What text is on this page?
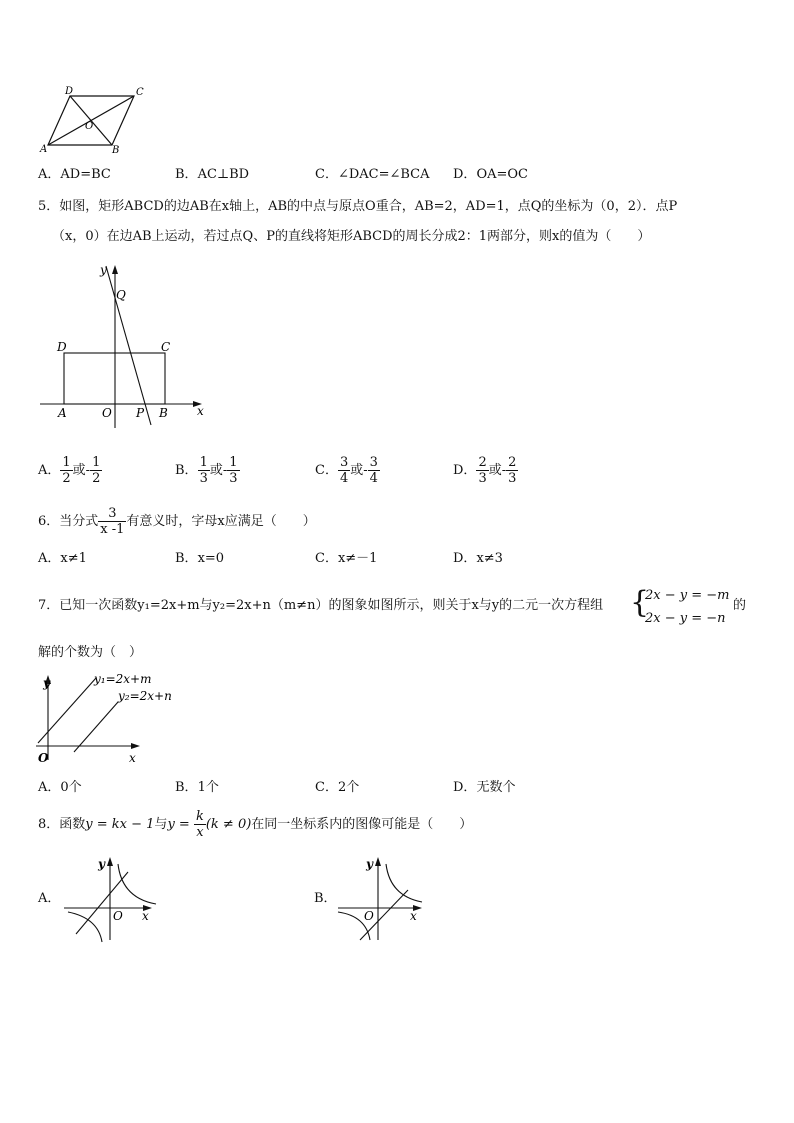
D	C
O
A	B
A．AD=BC	B．AC⊥BD	C．∠DAC=∠BCA D．OA=OC
5．如图，矩形ABCD的边AB在x轴上，AB的中点与原点O重合，AB=2，AD=1，点Q的坐标为（0，2）．点P
（x，0）在边AB上运动，若过点Q、P的直线将矩形ABCD的周长分成2：1两部分，则x的值为（　　）
y
Q
D	C
A	O P B x
A． $\frac{1}{2}$ 或- $\frac{1}{2}$	B． $\frac{1}{3}$ 或- $\frac{1}{3}$	C． $\frac{3}{4}$ 或- $\frac{3}{4}$	D． $\frac{2}{3}$ 或- $\frac{2}{3}$
6．当分式 $\frac{3}{x -1}$ 有意义时，字母x应满足（　　）
A．x≠1	B．x=0	C．x≠－1	D．x≠3
7．已知一次函数y₁=2x+m与y₂=2x+n（m≠n）的图象如图所示，则关于x与y的二元一次方程组 {
2x − y = −m
2x − y = −n
的
解的个数为（　）
y	y₁=2x+m
y₂=2x+n
O	x
A．0个	B．1个	C．2个	D．无数个
8．函数y = kx − 1与$y = \frac{k}{x} (k \ne 0)$在同一坐标系内的图像可能是（　　）
A．
y
O x
B．
y
O	x
